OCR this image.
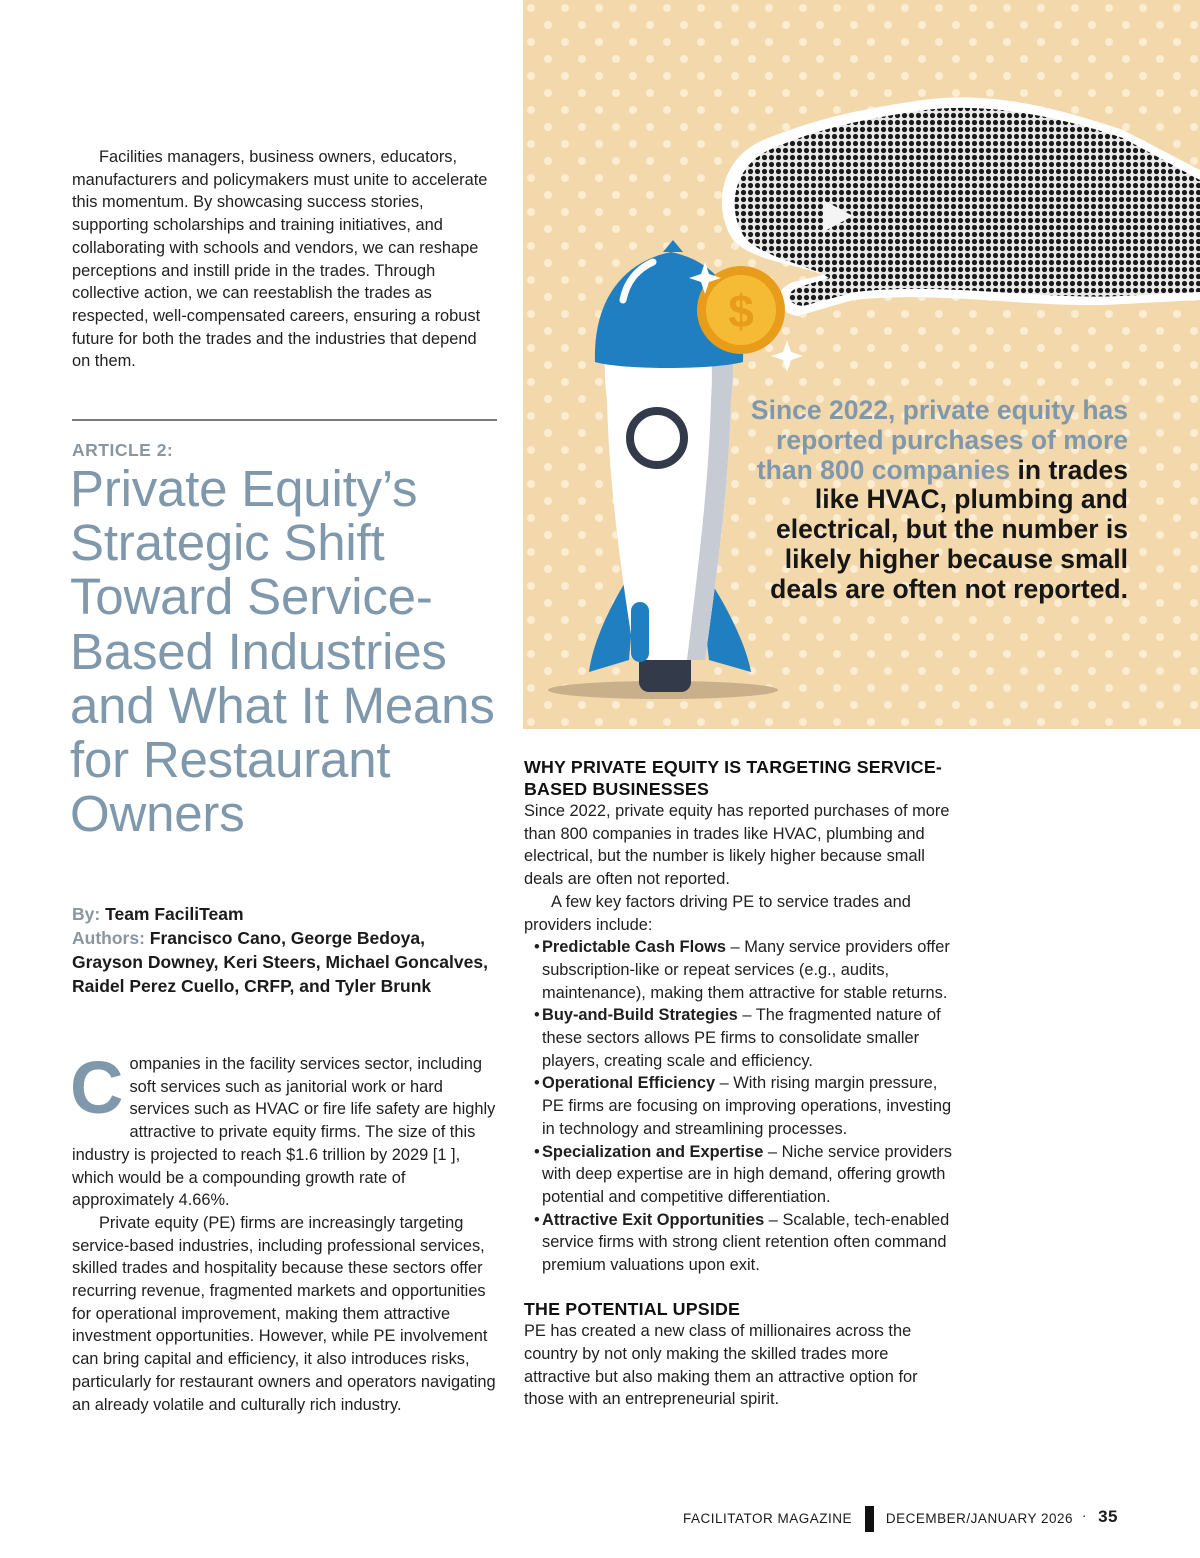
Facilities managers, business owners, educators, manufacturers and policymakers must unite to accelerate this momentum. By showcasing success stories, supporting scholarships and training initiatives, and collaborating with schools and vendors, we can reshape perceptions and instill pride in the trades. Through collective action, we can reestablish the trades as respected, well-compensated careers, ensuring a robust future for both the trades and the industries that depend on them.

ARTICLE 2:
Private Equity’s Strategic Shift Toward Service-Based Industries and What It Means for Restaurant Owners
By: Team FaciliTeam
Authors: Francisco Cano, George Bedoya, Grayson Downey, Keri Steers, Michael Goncalves, Raidel Perez Cuello, CRFP, and Tyler Brunk

Companies in the facility services sector, including soft services such as janitorial work or hard services such as HVAC or fire life safety are highly attractive to private equity firms. The size of this industry is projected to reach $1.6 trillion by 2029 [1 ], which would be a compounding growth rate of approximately 4.66%.

Private equity (PE) firms are increasingly targeting service-based industries, including professional services, skilled trades and hospitality because these sectors offer recurring revenue, fragmented markets and opportunities for operational improvement, making them attractive investment opportunities. However, while PE involvement can bring capital and efficiency, it also introduces risks, particularly for restaurant owners and operators navigating an already volatile and culturally rich industry.

$
Since 2022, private equity has reported purchases of more than 800 companies in trades like HVAC, plumbing and electrical, but the number is likely higher because small deals are often not reported.
WHY PRIVATE EQUITY IS TARGETING SERVICE-BASED BUSINESSES

Since 2022, private equity has reported purchases of more than 800 companies in trades like HVAC, plumbing and electrical, but the number is likely higher because small deals are often not reported.

A few key factors driving PE to service trades and providers include:

• Predictable Cash Flows – Many service providers offer subscription-like or repeat services (e.g., audits, maintenance), making them attractive for stable returns.
• Buy-and-Build Strategies – The fragmented nature of these sectors allows PE firms to consolidate smaller players, creating scale and efficiency.
• Operational Efficiency – With rising margin pressure, PE firms are focusing on improving operations, investing in technology and streamlining processes.
• Specialization and Expertise – Niche service providers with deep expertise are in high demand, offering growth potential and competitive differentiation.
• Attractive Exit Opportunities – Scalable, tech-enabled service firms with strong client retention often command premium valuations upon exit.
THE POTENTIAL UPSIDE

PE has created a new class of millionaires across the country by not only making the skilled trades more attractive but also making them an attractive option for those with an entrepreneurial spirit.

FACILITATOR MAGAZINE	DECEMBER/JANUARY 2026 · 35
